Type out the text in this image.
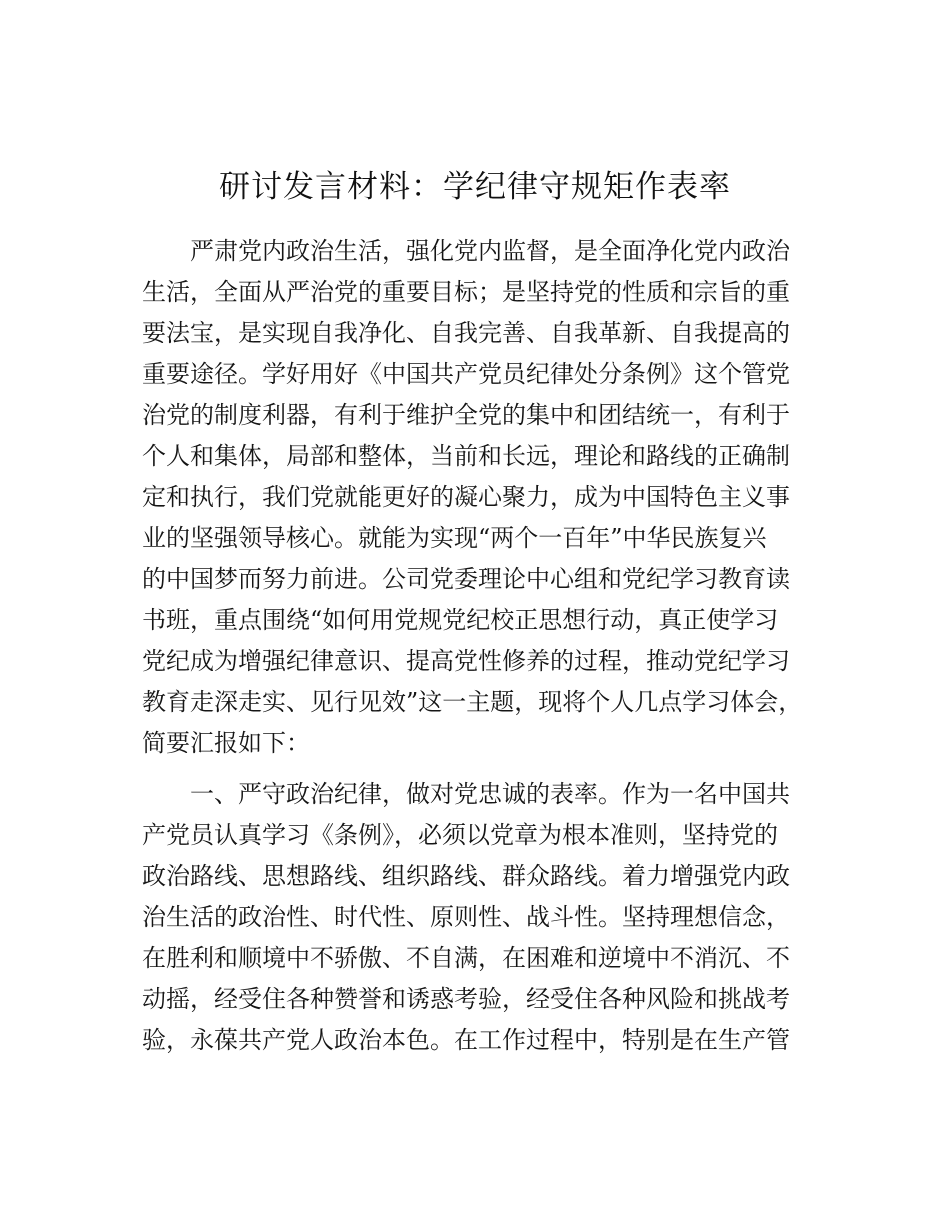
研讨发言材料：学纪律守规矩作表率
严肃党内政治生活，强化党内监督，是全面净化党内政治
生活，全面从严治党的重要目标；是坚持党的性质和宗旨的重
要法宝，是实现自我净化、自我完善、自我革新、自我提高的
重要途径。学好用好《中国共产党员纪律处分条例》这个管党
治党的制度利器，有利于维护全党的集中和团结统一，有利于
个人和集体，局部和整体，当前和长远，理论和路线的正确制
定和执行，我们党就能更好的凝心聚力，成为中国特色主义事
业的坚强领导核心。就能为实现“两个一百年”中华民族复兴
的中国梦而努力前进。公司党委理论中心组和党纪学习教育读
书班，重点围绕“如何用党规党纪校正思想行动，真正使学习
党纪成为增强纪律意识、提高党性修养的过程，推动党纪学习
教育走深走实、见行见效”这一主题，现将个人几点学习体会，
简要汇报如下：
一、严守政治纪律，做对党忠诚的表率。作为一名中国共
产党员认真学习《条例》，必须以党章为根本准则，坚持党的
政治路线、思想路线、组织路线、群众路线。着力增强党内政
治生活的政治性、时代性、原则性、战斗性。坚持理想信念，
在胜利和顺境中不骄傲、不自满，在困难和逆境中不消沉、不
动摇，经受住各种赞誉和诱惑考验，经受住各种风险和挑战考
验，永葆共产党人政治本色。在工作过程中，特别是在生产管
